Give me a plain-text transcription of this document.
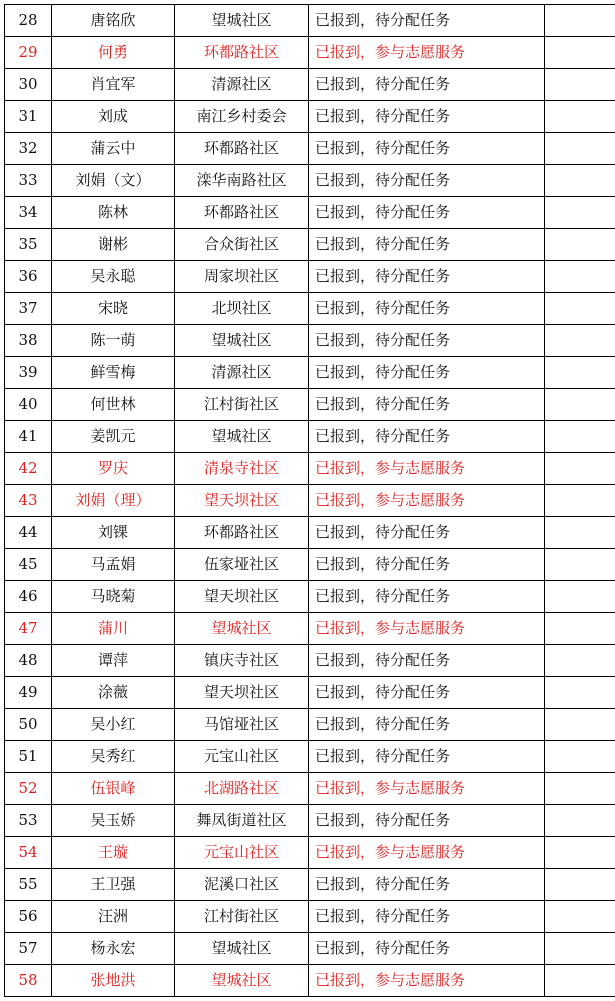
28	唐铭欣	望城社区	已报到，待分配任务	
29	何勇	环都路社区	已报到，参与志愿服务	
30	肖宜军	清源社区	已报到，待分配任务	
31	刘成	南江乡村委会	已报到，待分配任务	
32	蒲云中	环都路社区	已报到，待分配任务	
33	刘娟（文）	滦华南路社区	已报到，待分配任务	
34	陈林	环都路社区	已报到，待分配任务	
35	谢彬	合众街社区	已报到，待分配任务	
36	吴永聪	周家坝社区	已报到，待分配任务	
37	宋晓	北坝社区	已报到，待分配任务	
38	陈一萌	望城社区	已报到，待分配任务	
39	鲜雪梅	清源社区	已报到，待分配任务	
40	何世林	江村街社区	已报到，待分配任务	
41	姜凯元	望城社区	已报到，待分配任务	
42	罗庆	清泉寺社区	已报到，参与志愿服务	
43	刘娟（理）	望天坝社区	已报到，参与志愿服务	
44	刘锞	环都路社区	已报到，待分配任务	
45	马孟娟	伍家垭社区	已报到，待分配任务	
46	马晓菊	望天坝社区	已报到，待分配任务	
47	蒲川	望城社区	已报到，参与志愿服务	
48	谭萍	镇庆寺社区	已报到，待分配任务	
49	涂薇	望天坝社区	已报到，待分配任务	
50	吴小红	马馆垭社区	已报到，待分配任务	
51	吴秀红	元宝山社区	已报到，待分配任务	
52	伍银峰	北湖路社区	已报到，参与志愿服务	
53	吴玉娇	舞凤街道社区	已报到，待分配任务	
54	王璇	元宝山社区	已报到，参与志愿服务	
55	王卫强	泥溪口社区	已报到，待分配任务	
56	汪洲	江村街社区	已报到，待分配任务	
57	杨永宏	望城社区	已报到，待分配任务	
58	张地洪	望城社区	已报到，参与志愿服务	
